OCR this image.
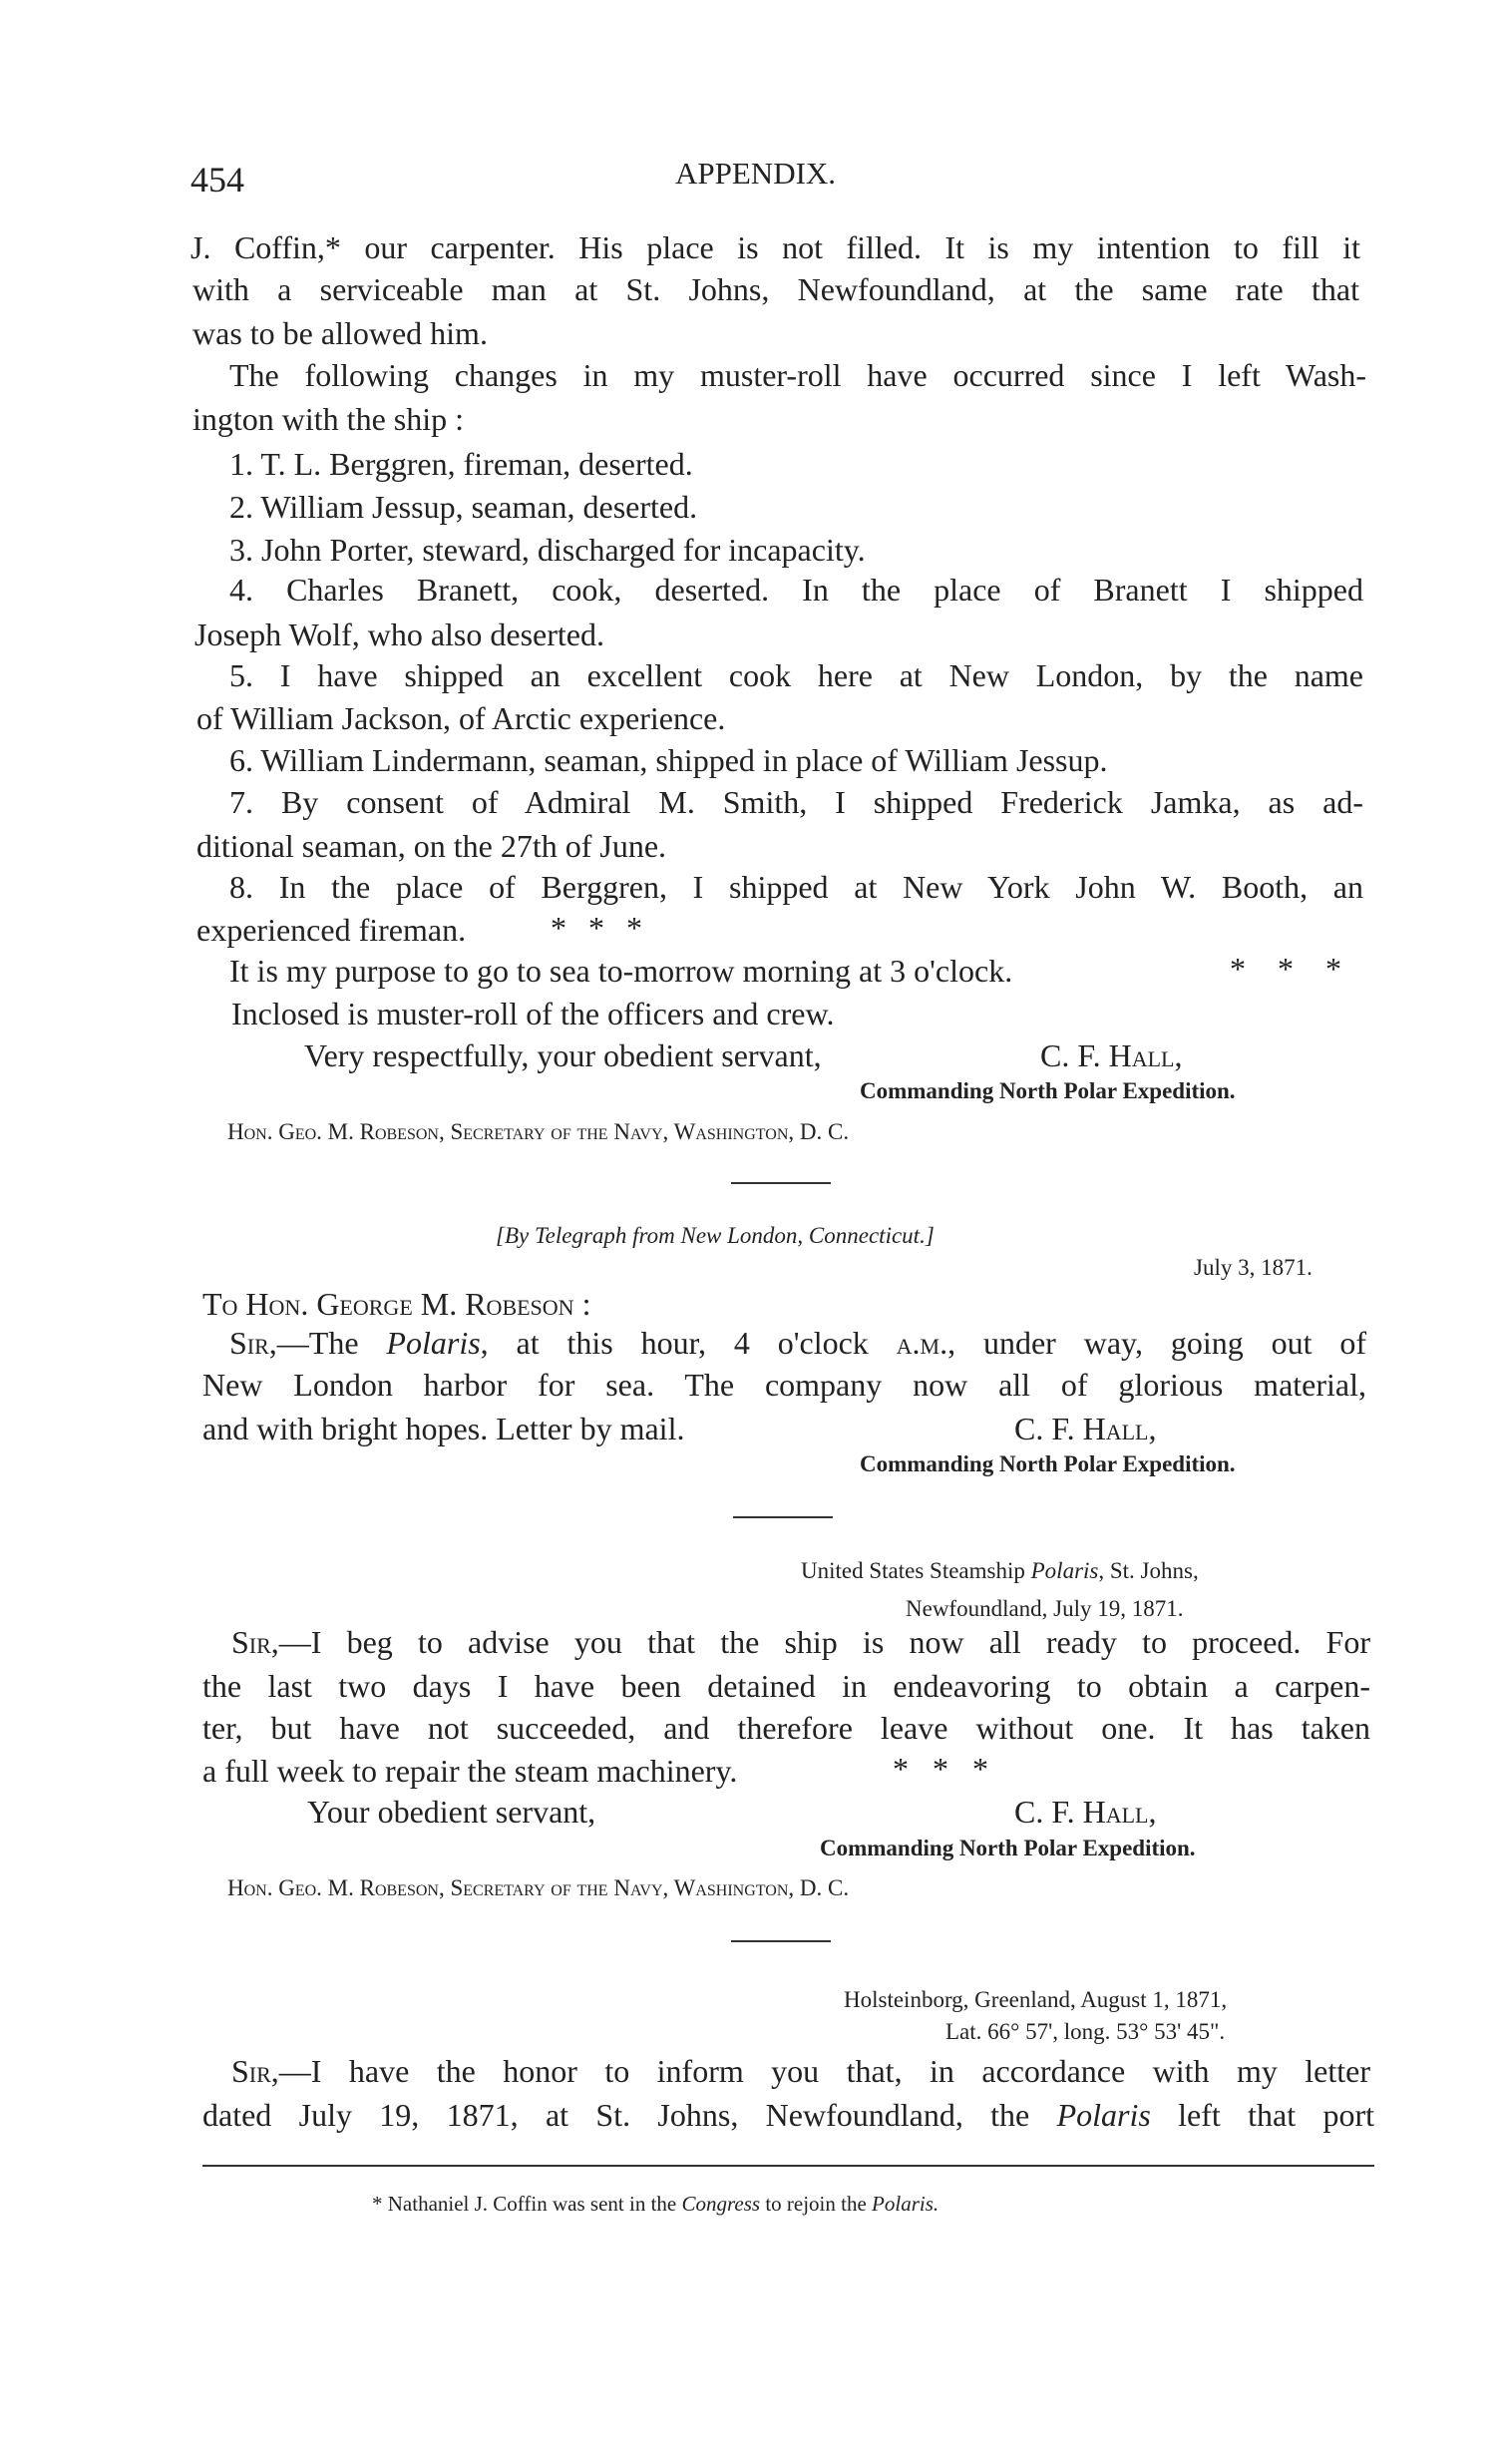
454	APPENDIX.
J. Coffin,* our carpenter. His place is not filled. It is my intention to fill it
with a serviceable man at St. Johns, Newfoundland, at the same rate that
was to be allowed him.
The following changes in my muster-roll have occurred since I left Wash-
ington with the ship :
1. T. L. Berggren, fireman, deserted.
2. William Jessup, seaman, deserted.
3. John Porter, steward, discharged for incapacity.
4. Charles Branett, cook, deserted. In the place of Branett I shipped
Joseph Wolf, who also deserted.
5. I have shipped an excellent cook here at New London, by the name
of William Jackson, of Arctic experience.
6. William Lindermann, seaman, shipped in place of William Jessup.
7. By consent of Admiral M. Smith, I shipped Frederick Jamka, as ad-
ditional seaman, on the 27th of June.
8. In the place of Berggren, I shipped at New York John W. Booth, an
experienced fireman.	* * *
It is my purpose to go to sea to-morrow morning at 3 o'clock.	* * *
Inclosed is muster-roll of the officers and crew.
Very respectfully, your obedient servant,	C. F. Hall,
Commanding North Polar Expedition.
Hon. Geo. M. Robeson, Secretary of the Navy, Washington, D. C.
[By Telegraph from New London, Connecticut.]
July 3, 1871.
To Hon. George M. Robeson :
Sir,—The Polaris, at this hour, 4 o'clock a.m., under way, going out of
New London harbor for sea. The company now all of glorious material,
and with bright hopes. Letter by mail.	C. F. Hall,
Commanding North Polar Expedition.
United States Steamship Polaris, St. Johns,
Newfoundland, July 19, 1871.
Sir,—I beg to advise you that the ship is now all ready to proceed. For
the last two days I have been detained in endeavoring to obtain a carpen-
ter, but have not succeeded, and therefore leave without one. It has taken
a full week to repair the steam machinery.	* * *
Your obedient servant,	C. F. Hall,
Commanding North Polar Expedition.
Hon. Geo. M. Robeson, Secretary of the Navy, Washington, D. C.
Holsteinborg, Greenland, August 1, 1871,
Lat. 66° 57', long. 53° 53' 45".
Sir,—I have the honor to inform you that, in accordance with my letter
dated July 19, 1871, at St. Johns, Newfoundland, the Polaris left that port
* Nathaniel J. Coffin was sent in the Congress to rejoin the Polaris.
